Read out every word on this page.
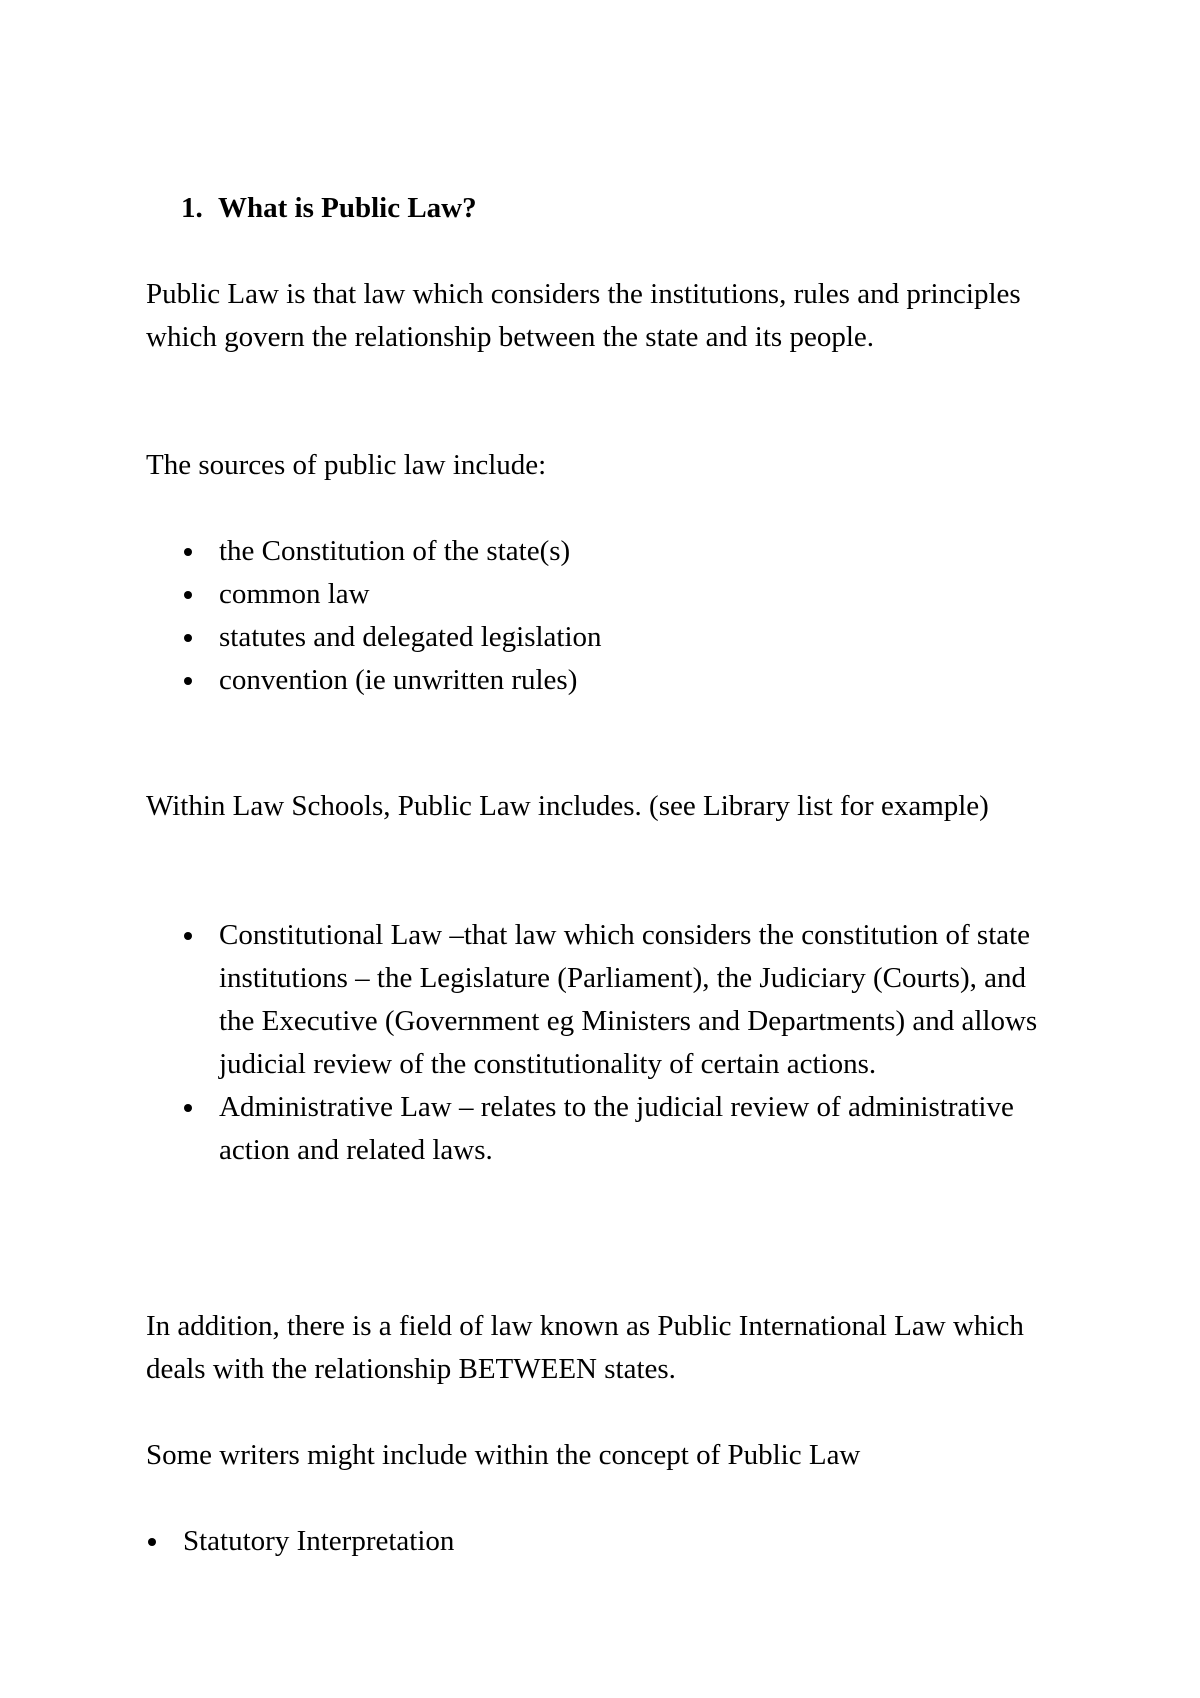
1. What is Public Law?

Public Law is that law which considers the institutions, rules and principles which govern the relationship between the state and its people.

The sources of public law include:

the Constitution of the state(s)
common law
statutes and delegated legislation
convention (ie unwritten rules)

Within Law Schools, Public Law includes. (see Library list for example)

Constitutional Law –that law which considers the constitution of state institutions – the Legislature (Parliament), the Judiciary (Courts), and the Executive (Government eg Ministers and Departments) and allows judicial review of the constitutionality of certain actions.
Administrative Law – relates to the judicial review of administrative action and related laws.

In addition, there is a field of law known as Public International Law which deals with the relationship BETWEEN states.

Some writers might include within the concept of Public Law

Statutory Interpretation
